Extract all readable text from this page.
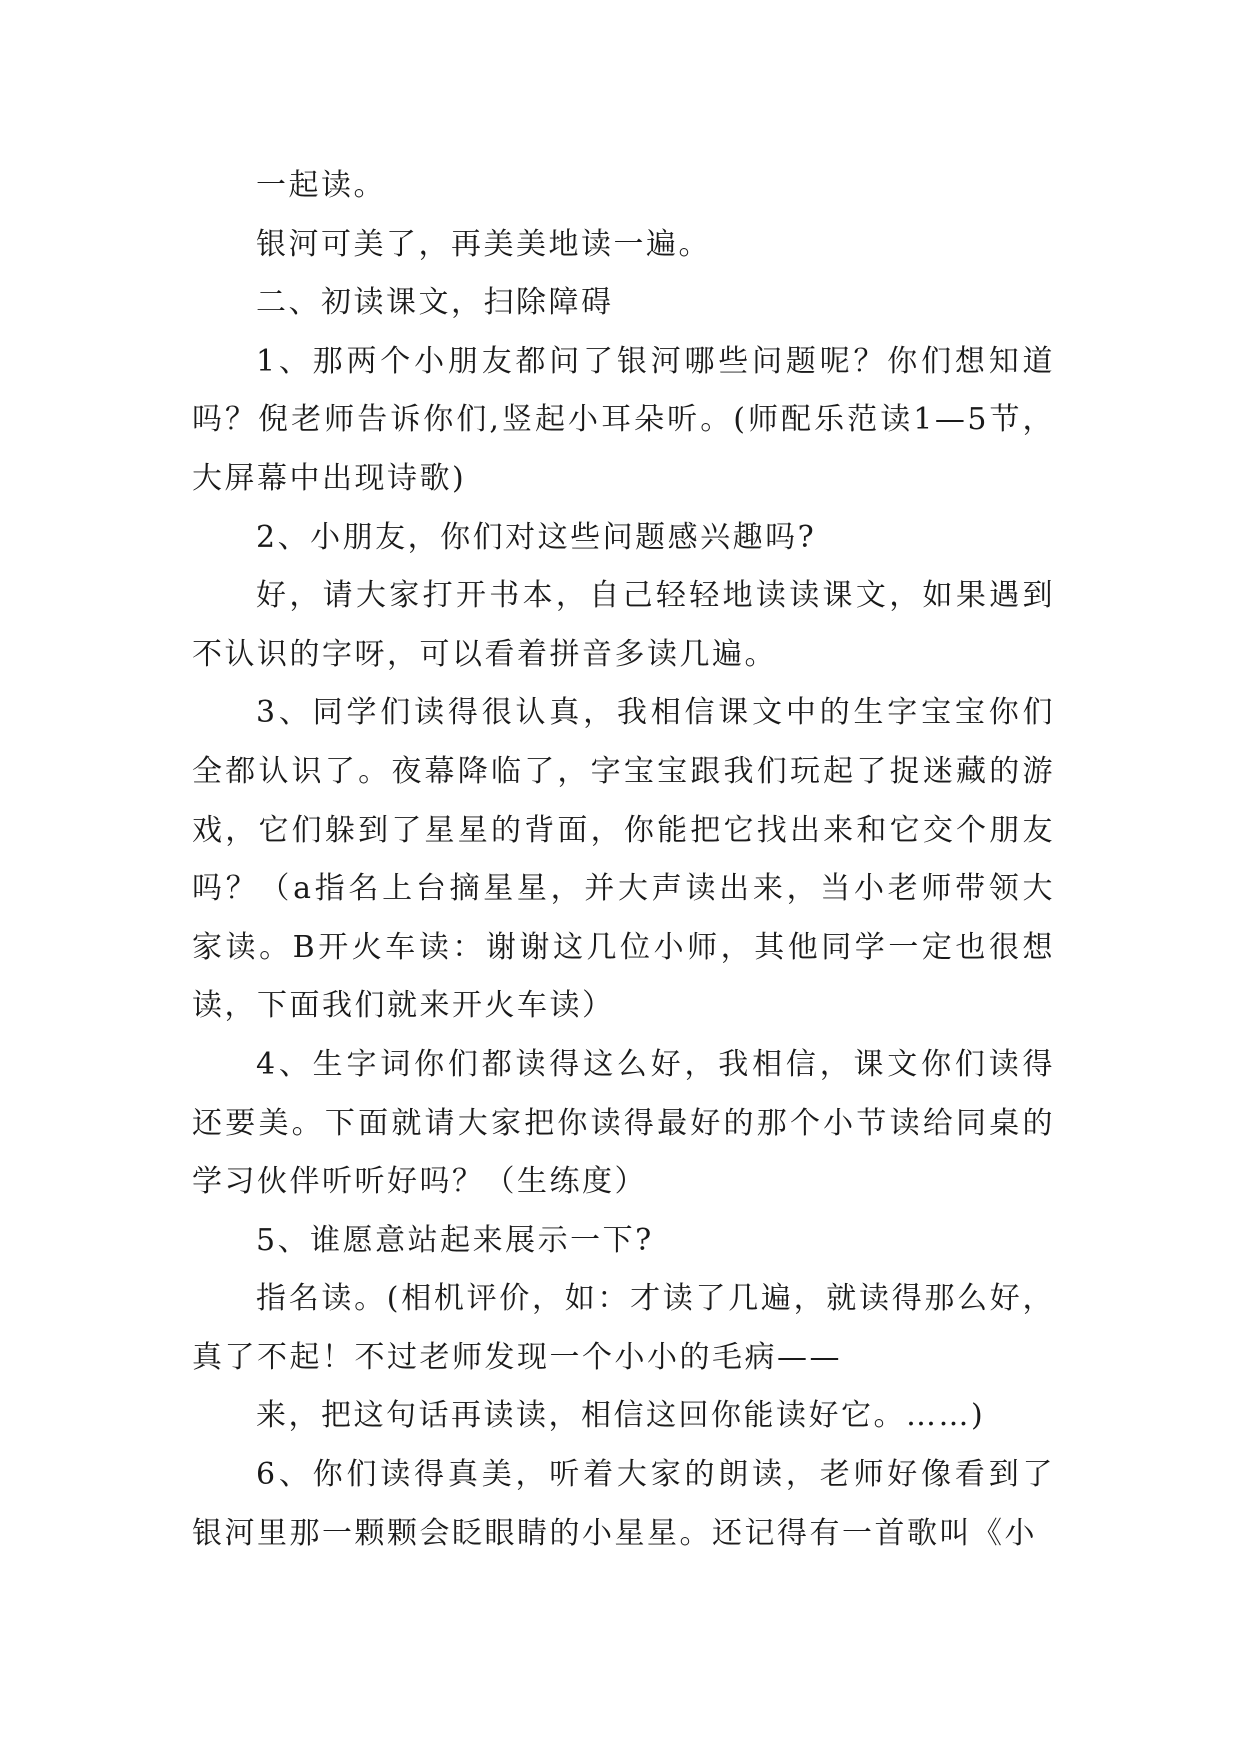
一起读。

银河可美了，再美美地读一遍。

二、初读课文，扫除障碍

1、那两个小朋友都问了银河哪些问题呢？你们想知道吗？倪老师告诉你们,竖起小耳朵听。(师配乐范读1—5节，大屏幕中出现诗歌)

2、小朋友，你们对这些问题感兴趣吗?

好，请大家打开书本，自己轻轻地读读课文，如果遇到不认识的字呀，可以看着拼音多读几遍。

3、同学们读得很认真，我相信课文中的生字宝宝你们全都认识了。夜幕降临了，字宝宝跟我们玩起了捉迷藏的游戏，它们躲到了星星的背面，你能把它找出来和它交个朋友吗？（a指名上台摘星星，并大声读出来，当小老师带领大家读。B开火车读：谢谢这几位小师，其他同学一定也很想读，下面我们就来开火车读）

4、生字词你们都读得这么好，我相信，课文你们读得还要美。下面就请大家把你读得最好的那个小节读给同桌的学习伙伴听听好吗？（生练度）

5、谁愿意站起来展示一下?

指名读。(相机评价，如：才读了几遍，就读得那么好，真了不起！不过老师发现一个小小的毛病——

来，把这句话再读读，相信这回你能读好它。……)

6、你们读得真美，听着大家的朗读，老师好像看到了银河里那一颗颗会眨眼睛的小星星。还记得有一首歌叫《小
